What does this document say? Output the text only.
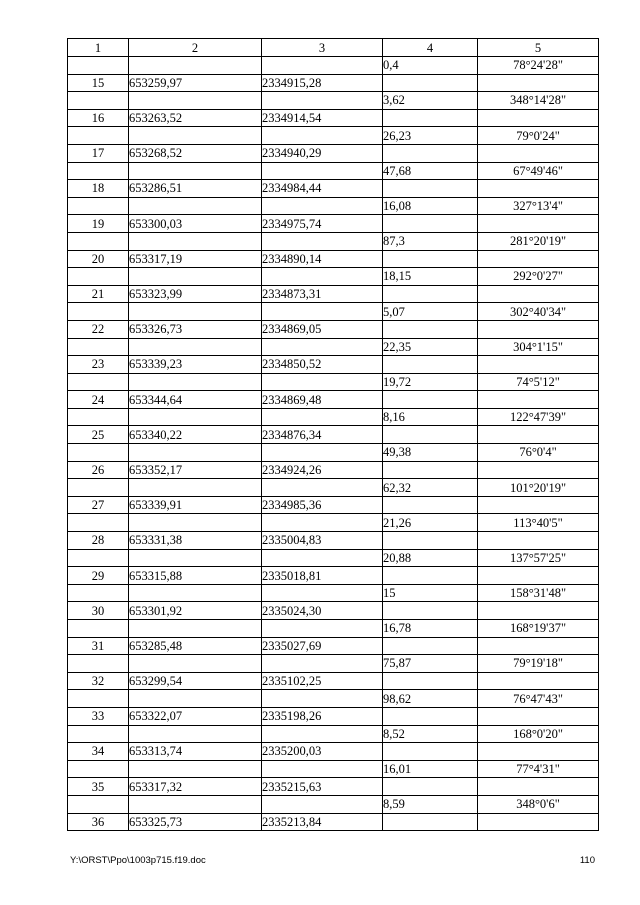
1	2	3	4	5
			0,4	78°24'28"
15	653259,97	2334915,28		
			3,62	348°14'28"
16	653263,52	2334914,54		
			26,23	79°0'24"
17	653268,52	2334940,29		
			47,68	67°49'46"
18	653286,51	2334984,44		
			16,08	327°13'4"
19	653300,03	2334975,74		
			87,3	281°20'19"
20	653317,19	2334890,14		
			18,15	292°0'27"
21	653323,99	2334873,31		
			5,07	302°40'34"
22	653326,73	2334869,05		
			22,35	304°1'15"
23	653339,23	2334850,52		
			19,72	74°5'12"
24	653344,64	2334869,48		
			8,16	122°47'39"
25	653340,22	2334876,34		
			49,38	76°0'4"
26	653352,17	2334924,26		
			62,32	101°20'19"
27	653339,91	2334985,36		
			21,26	113°40'5"
28	653331,38	2335004,83		
			20,88	137°57'25"
29	653315,88	2335018,81		
			15	158°31'48"
30	653301,92	2335024,30		
			16,78	168°19'37"
31	653285,48	2335027,69		
			75,87	79°19'18"
32	653299,54	2335102,25		
			98,62	76°47'43"
33	653322,07	2335198,26		
			8,52	168°0'20"
34	653313,74	2335200,03		
			16,01	77°4'31"
35	653317,32	2335215,63		
			8,59	348°0'6"
36	653325,73	2335213,84		
Y:\ORST\Ppo\1003p715.f19.doc	110
